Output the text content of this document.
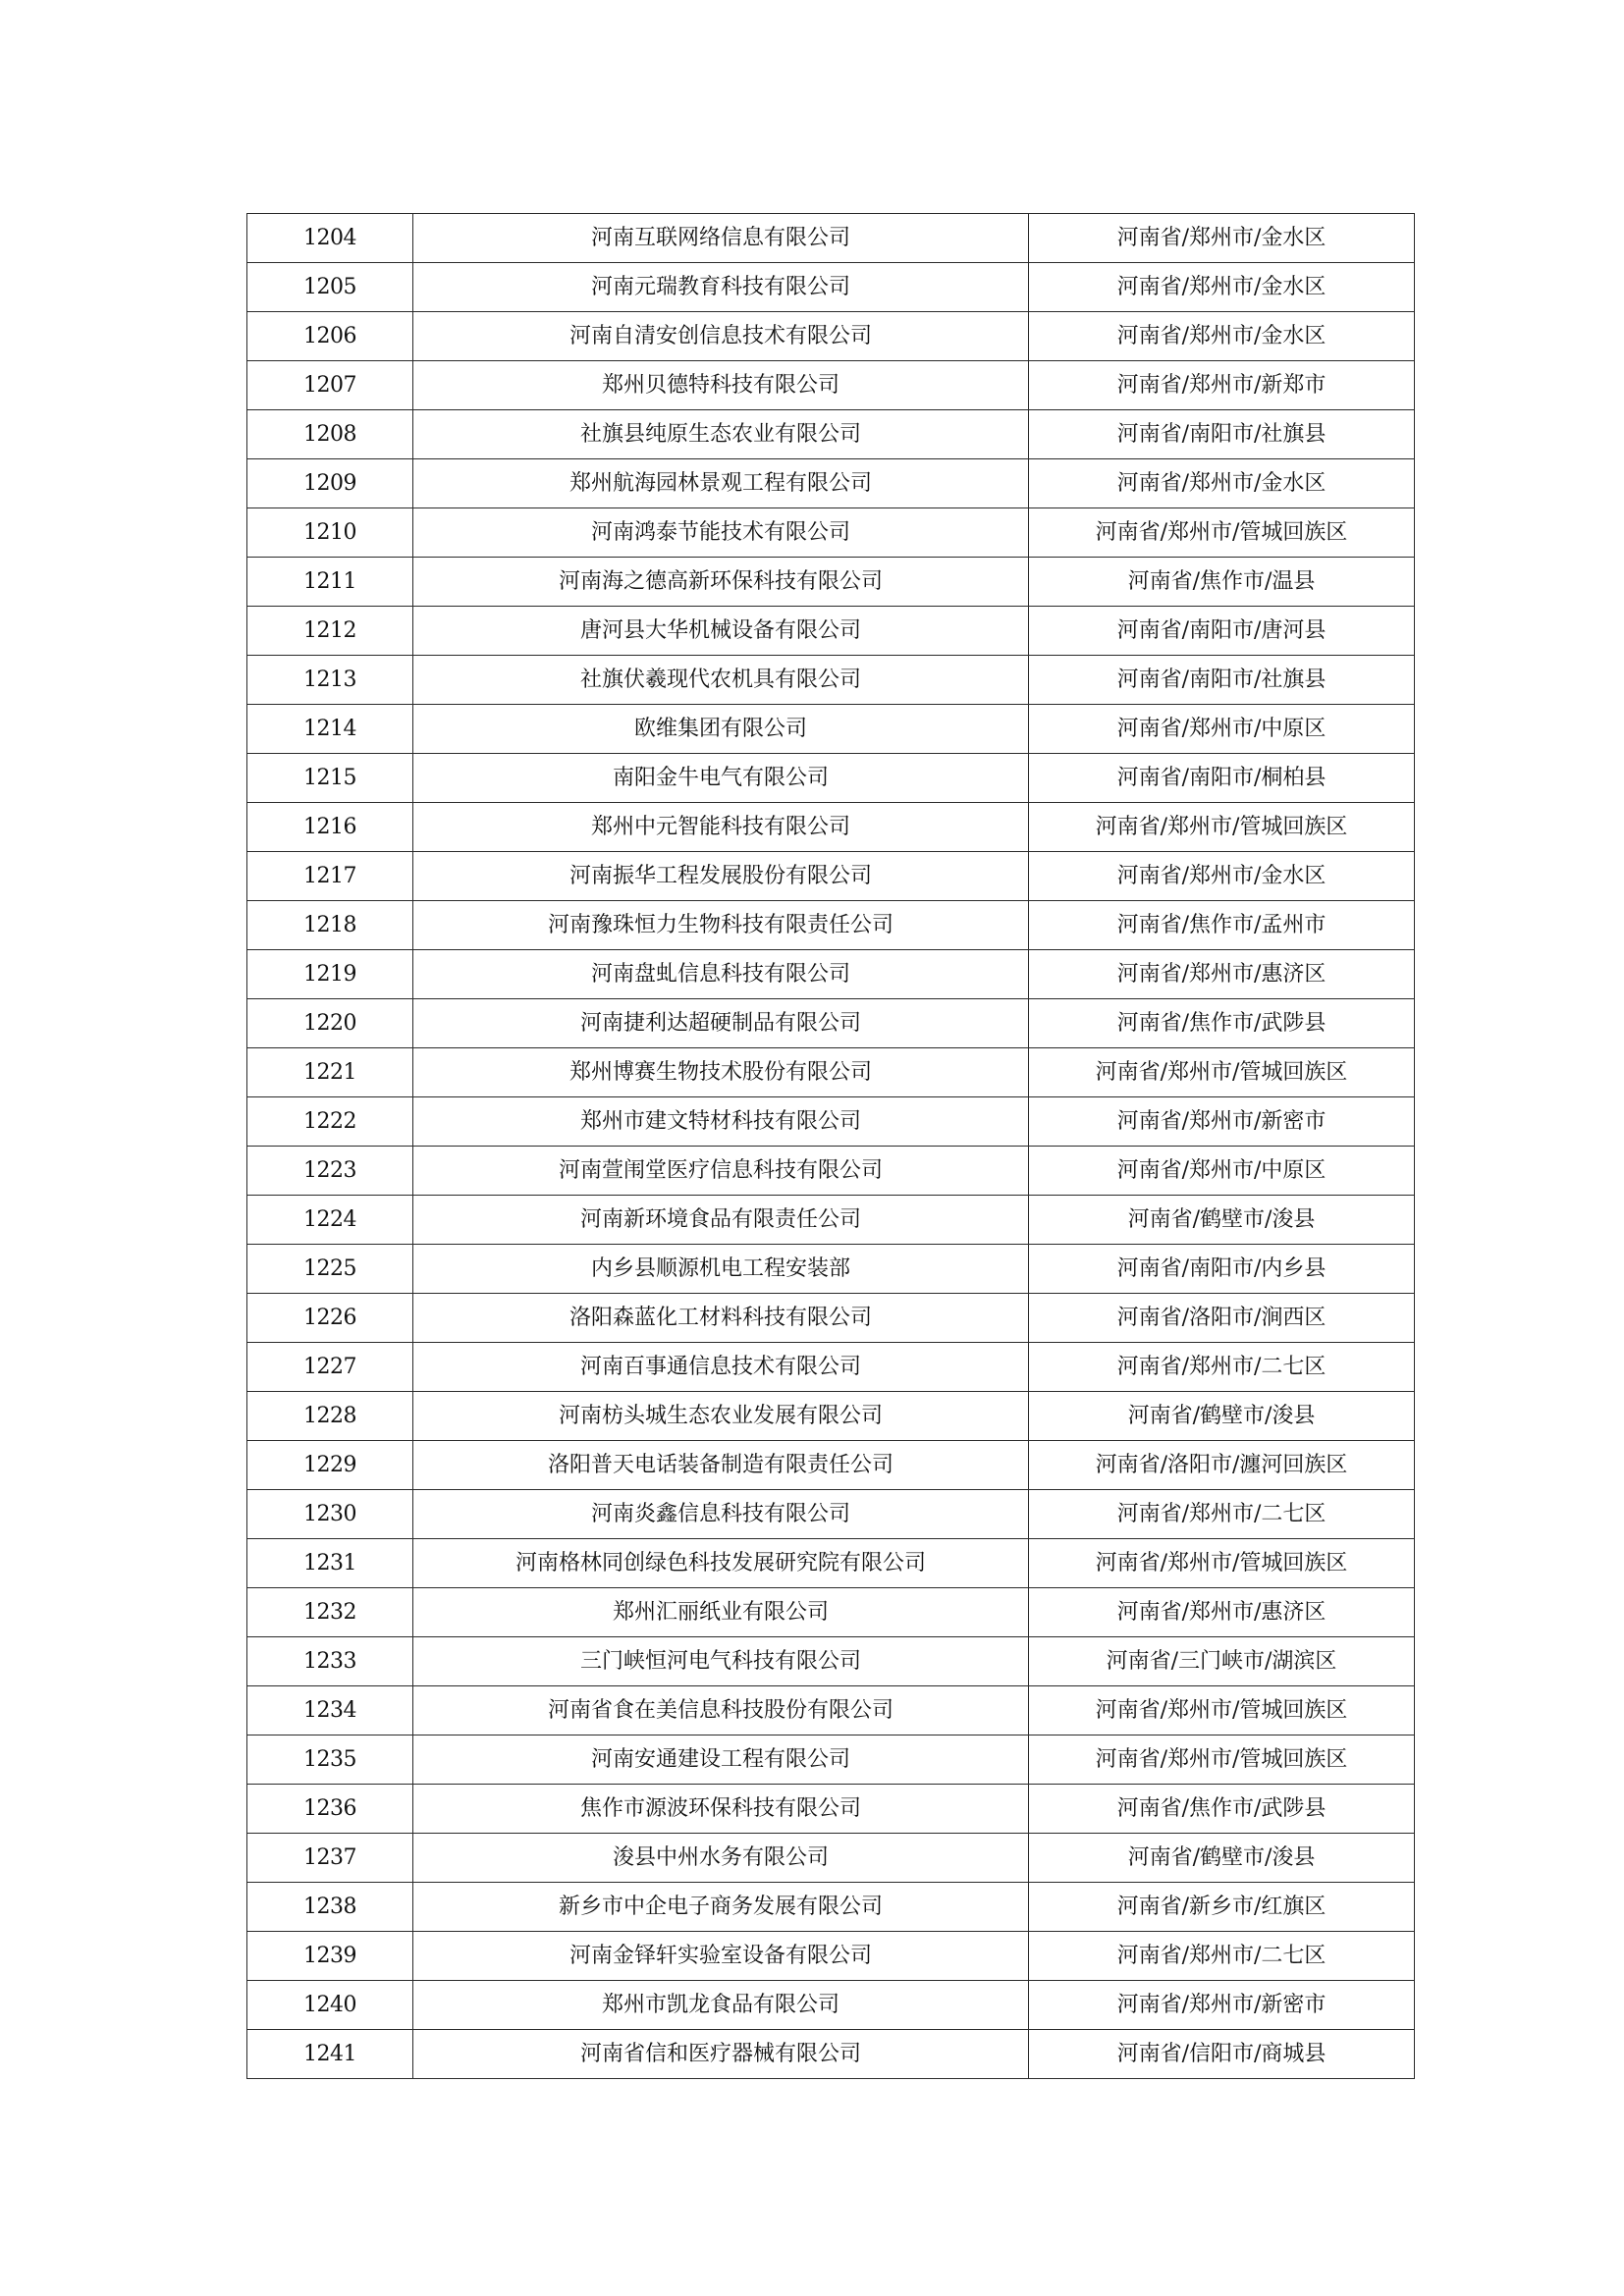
1204	河南互联网络信息有限公司	河南省/郑州市/金水区
1205	河南元瑞教育科技有限公司	河南省/郑州市/金水区
1206	河南自清安创信息技术有限公司	河南省/郑州市/金水区
1207	郑州贝德特科技有限公司	河南省/郑州市/新郑市
1208	社旗县纯原生态农业有限公司	河南省/南阳市/社旗县
1209	郑州航海园林景观工程有限公司	河南省/郑州市/金水区
1210	河南鸿泰节能技术有限公司	河南省/郑州市/管城回族区
1211	河南海之德高新环保科技有限公司	河南省/焦作市/温县
1212	唐河县大华机械设备有限公司	河南省/南阳市/唐河县
1213	社旗伏羲现代农机具有限公司	河南省/南阳市/社旗县
1214	欧维集团有限公司	河南省/郑州市/中原区
1215	南阳金牛电气有限公司	河南省/南阳市/桐柏县
1216	郑州中元智能科技有限公司	河南省/郑州市/管城回族区
1217	河南振华工程发展股份有限公司	河南省/郑州市/金水区
1218	河南豫珠恒力生物科技有限责任公司	河南省/焦作市/孟州市
1219	河南盘虬信息科技有限公司	河南省/郑州市/惠济区
1220	河南捷利达超硬制品有限公司	河南省/焦作市/武陟县
1221	郑州博赛生物技术股份有限公司	河南省/郑州市/管城回族区
1222	郑州市建文特材科技有限公司	河南省/郑州市/新密市
1223	河南萱闱堂医疗信息科技有限公司	河南省/郑州市/中原区
1224	河南新环境食品有限责任公司	河南省/鹤壁市/浚县
1225	内乡县顺源机电工程安装部	河南省/南阳市/内乡县
1226	洛阳森蓝化工材料科技有限公司	河南省/洛阳市/涧西区
1227	河南百事通信息技术有限公司	河南省/郑州市/二七区
1228	河南枋头城生态农业发展有限公司	河南省/鹤壁市/浚县
1229	洛阳普天电话装备制造有限责任公司	河南省/洛阳市/瀍河回族区
1230	河南炎鑫信息科技有限公司	河南省/郑州市/二七区
1231	河南格林同创绿色科技发展研究院有限公司	河南省/郑州市/管城回族区
1232	郑州汇丽纸业有限公司	河南省/郑州市/惠济区
1233	三门峡恒河电气科技有限公司	河南省/三门峡市/湖滨区
1234	河南省食在美信息科技股份有限公司	河南省/郑州市/管城回族区
1235	河南安通建设工程有限公司	河南省/郑州市/管城回族区
1236	焦作市源波环保科技有限公司	河南省/焦作市/武陟县
1237	浚县中州水务有限公司	河南省/鹤壁市/浚县
1238	新乡市中企电子商务发展有限公司	河南省/新乡市/红旗区
1239	河南金铎轩实验室设备有限公司	河南省/郑州市/二七区
1240	郑州市凯龙食品有限公司	河南省/郑州市/新密市
1241	河南省信和医疗器械有限公司	河南省/信阳市/商城县
